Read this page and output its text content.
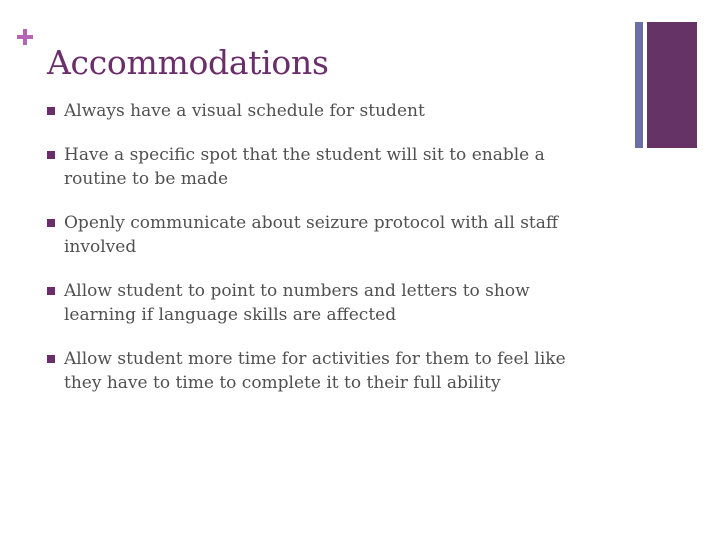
Accommodations
Always have a visual schedule for student
Have a specific spot that the student will sit to enable a routine to be made
Openly communicate about seizure protocol with all staff involved
Allow student to point to numbers and letters to show learning if language skills are affected
Allow student more time for activities for them to feel like they have to time to complete it to their full ability
